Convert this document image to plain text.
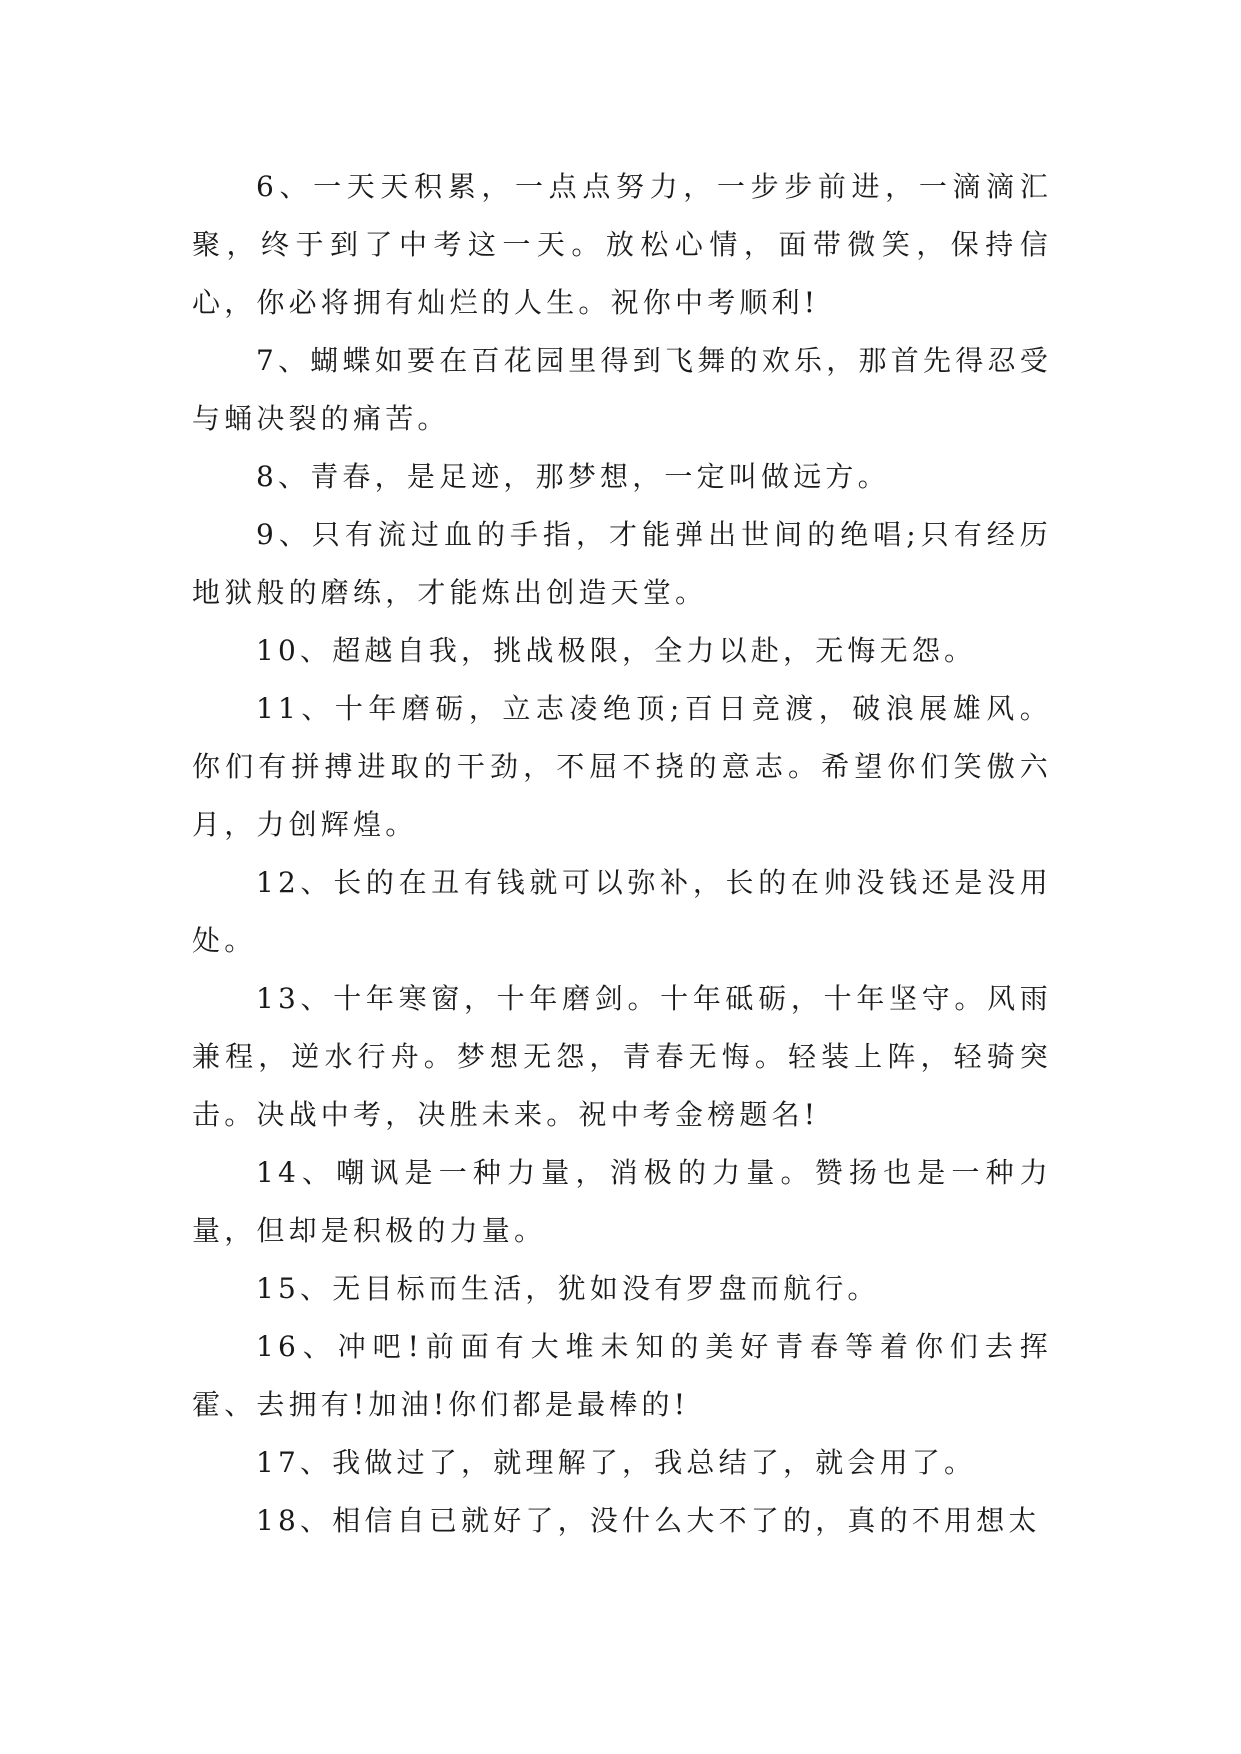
6、一天天积累，一点点努力，一步步前进，一滴滴汇聚，终于到了中考这一天。放松心情，面带微笑，保持信心，你必将拥有灿烂的人生。祝你中考顺利!

7、蝴蝶如要在百花园里得到飞舞的欢乐，那首先得忍受与蛹决裂的痛苦。

8、青春，是足迹，那梦想，一定叫做远方。

9、只有流过血的手指，才能弹出世间的绝唱;只有经历地狱般的磨练，才能炼出创造天堂。

10、超越自我，挑战极限，全力以赴，无悔无怨。

11、十年磨砺，立志凌绝顶;百日竞渡，破浪展雄风。你们有拼搏进取的干劲，不屈不挠的意志。希望你们笑傲六月，力创辉煌。

12、长的在丑有钱就可以弥补，长的在帅没钱还是没用处。

13、十年寒窗，十年磨剑。十年砥砺，十年坚守。风雨兼程，逆水行舟。梦想无怨，青春无悔。轻装上阵，轻骑突击。决战中考，决胜未来。祝中考金榜题名!

14、嘲讽是一种力量，消极的力量。赞扬也是一种力量，但却是积极的力量。

15、无目标而生活，犹如没有罗盘而航行。

16、冲吧!前面有大堆未知的美好青春等着你们去挥霍、去拥有!加油!你们都是最棒的!

17、我做过了，就理解了，我总结了，就会用了。

18、相信自已就好了，没什么大不了的，真的不用想太
